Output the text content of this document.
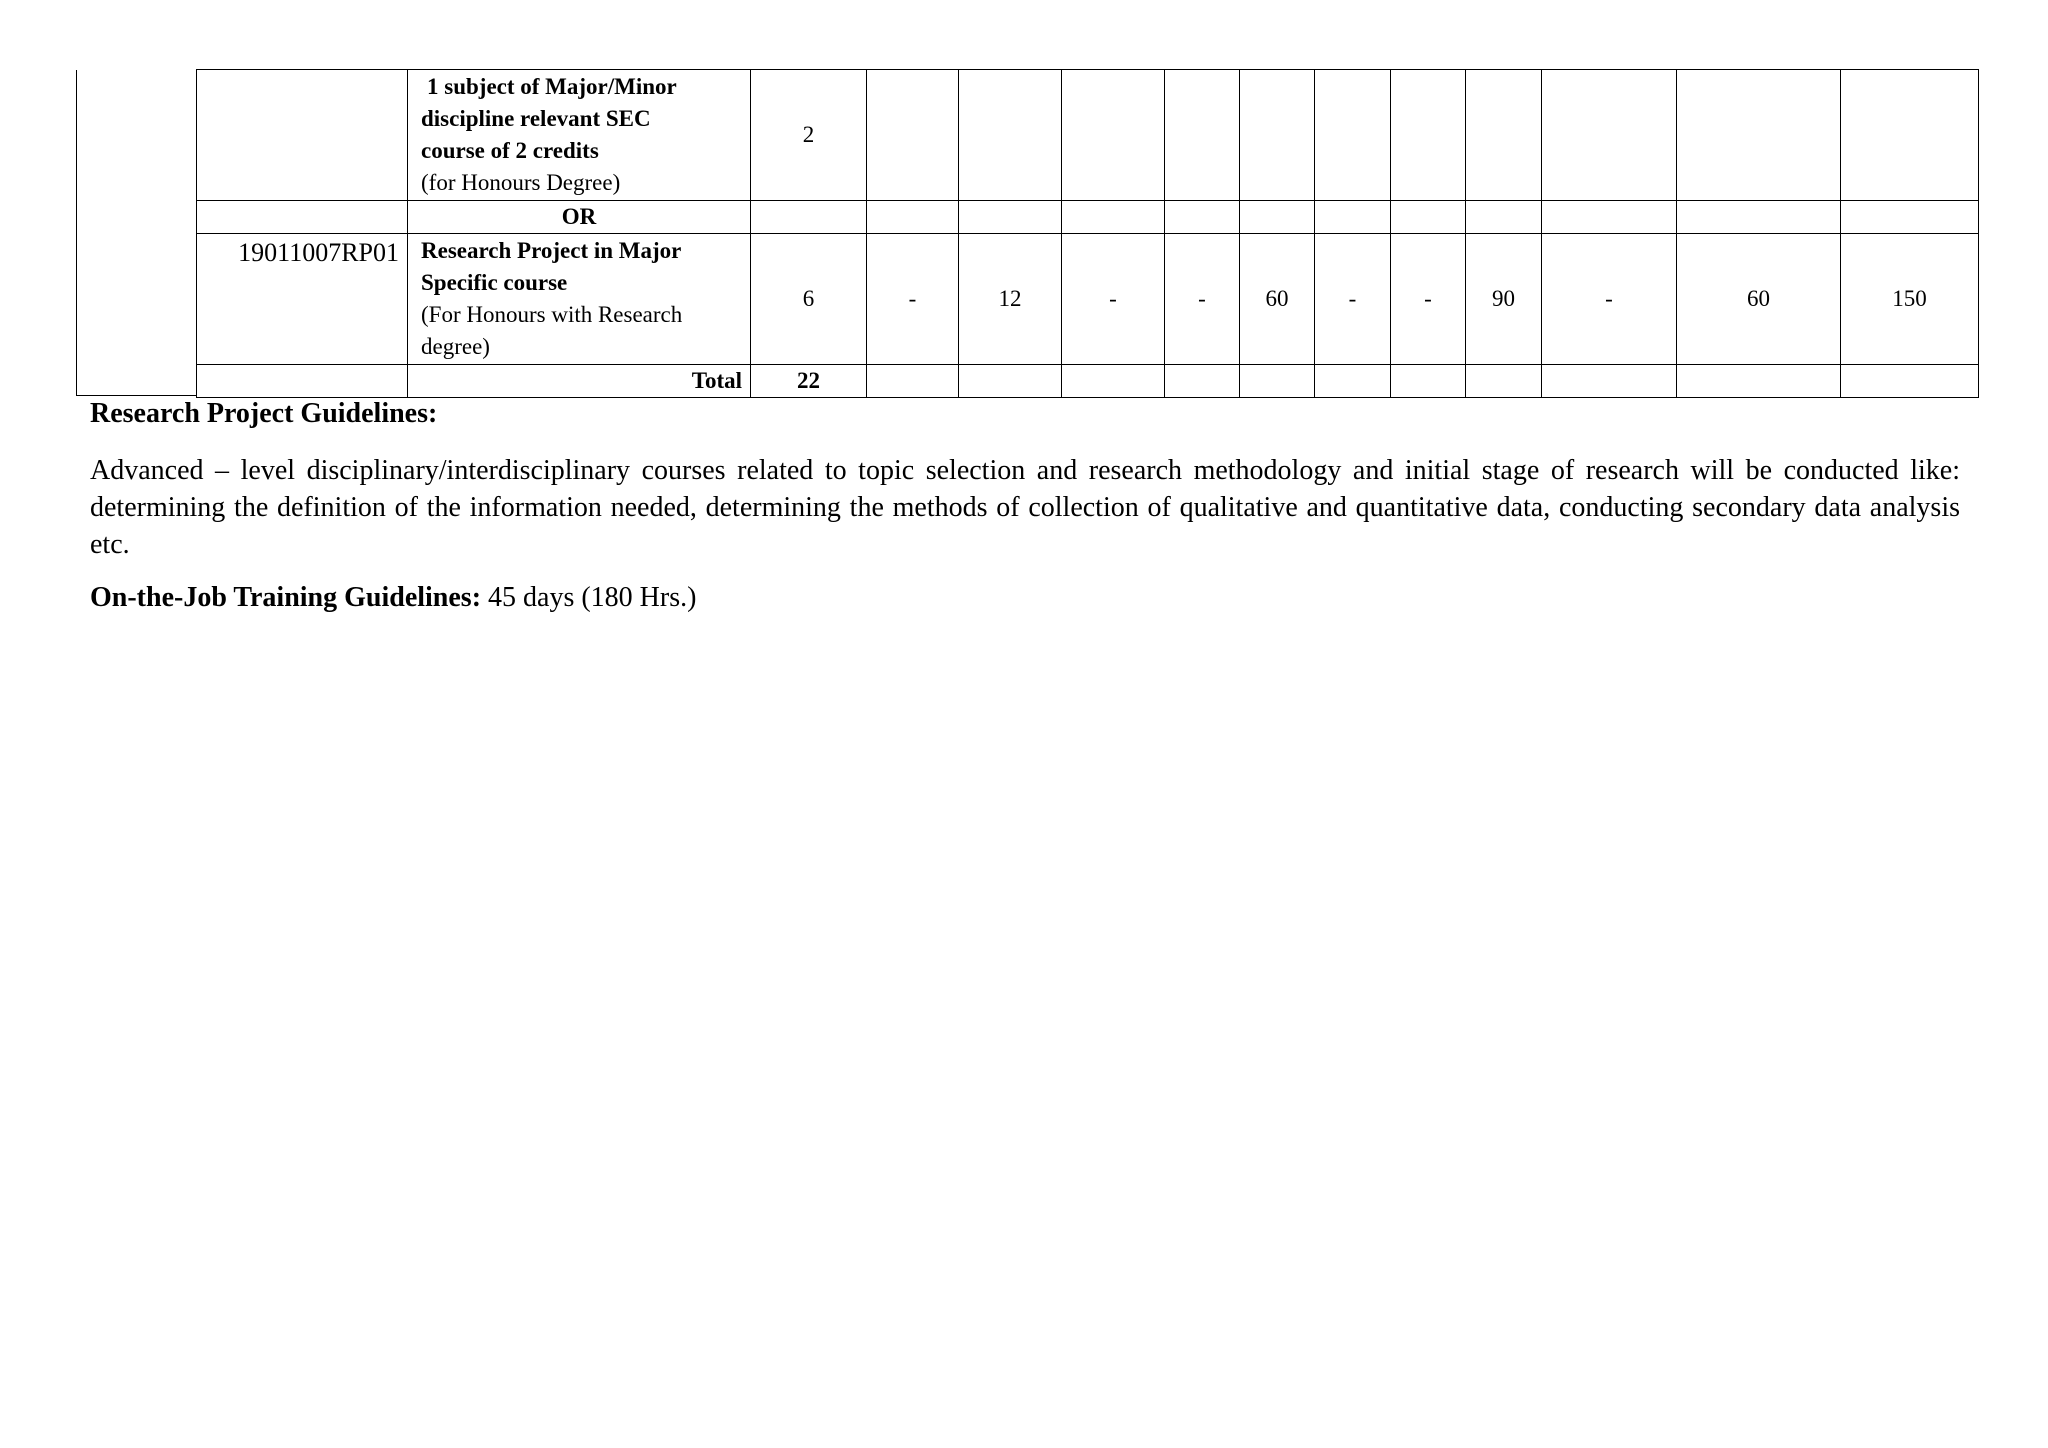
	1 subject of Major/Minor
discipline relevant SEC
course of 2 credits
(for Honours Degree)	2											
	OR												
19011007RP01	Research Project in Major
Specific course
(For Honours with Research
degree)	6	-	12	-	-	60	-	-	90	-	60	150
	Total	22											
Research Project Guidelines:
Advanced – level disciplinary/interdisciplinary courses related to topic selection and research methodology and initial stage of research will be conducted like: determining the definition of the information needed, determining the methods of collection of qualitative and quantitative data, conducting secondary data analysis etc.
On-the-Job Training Guidelines: 45 days (180 Hrs.)
